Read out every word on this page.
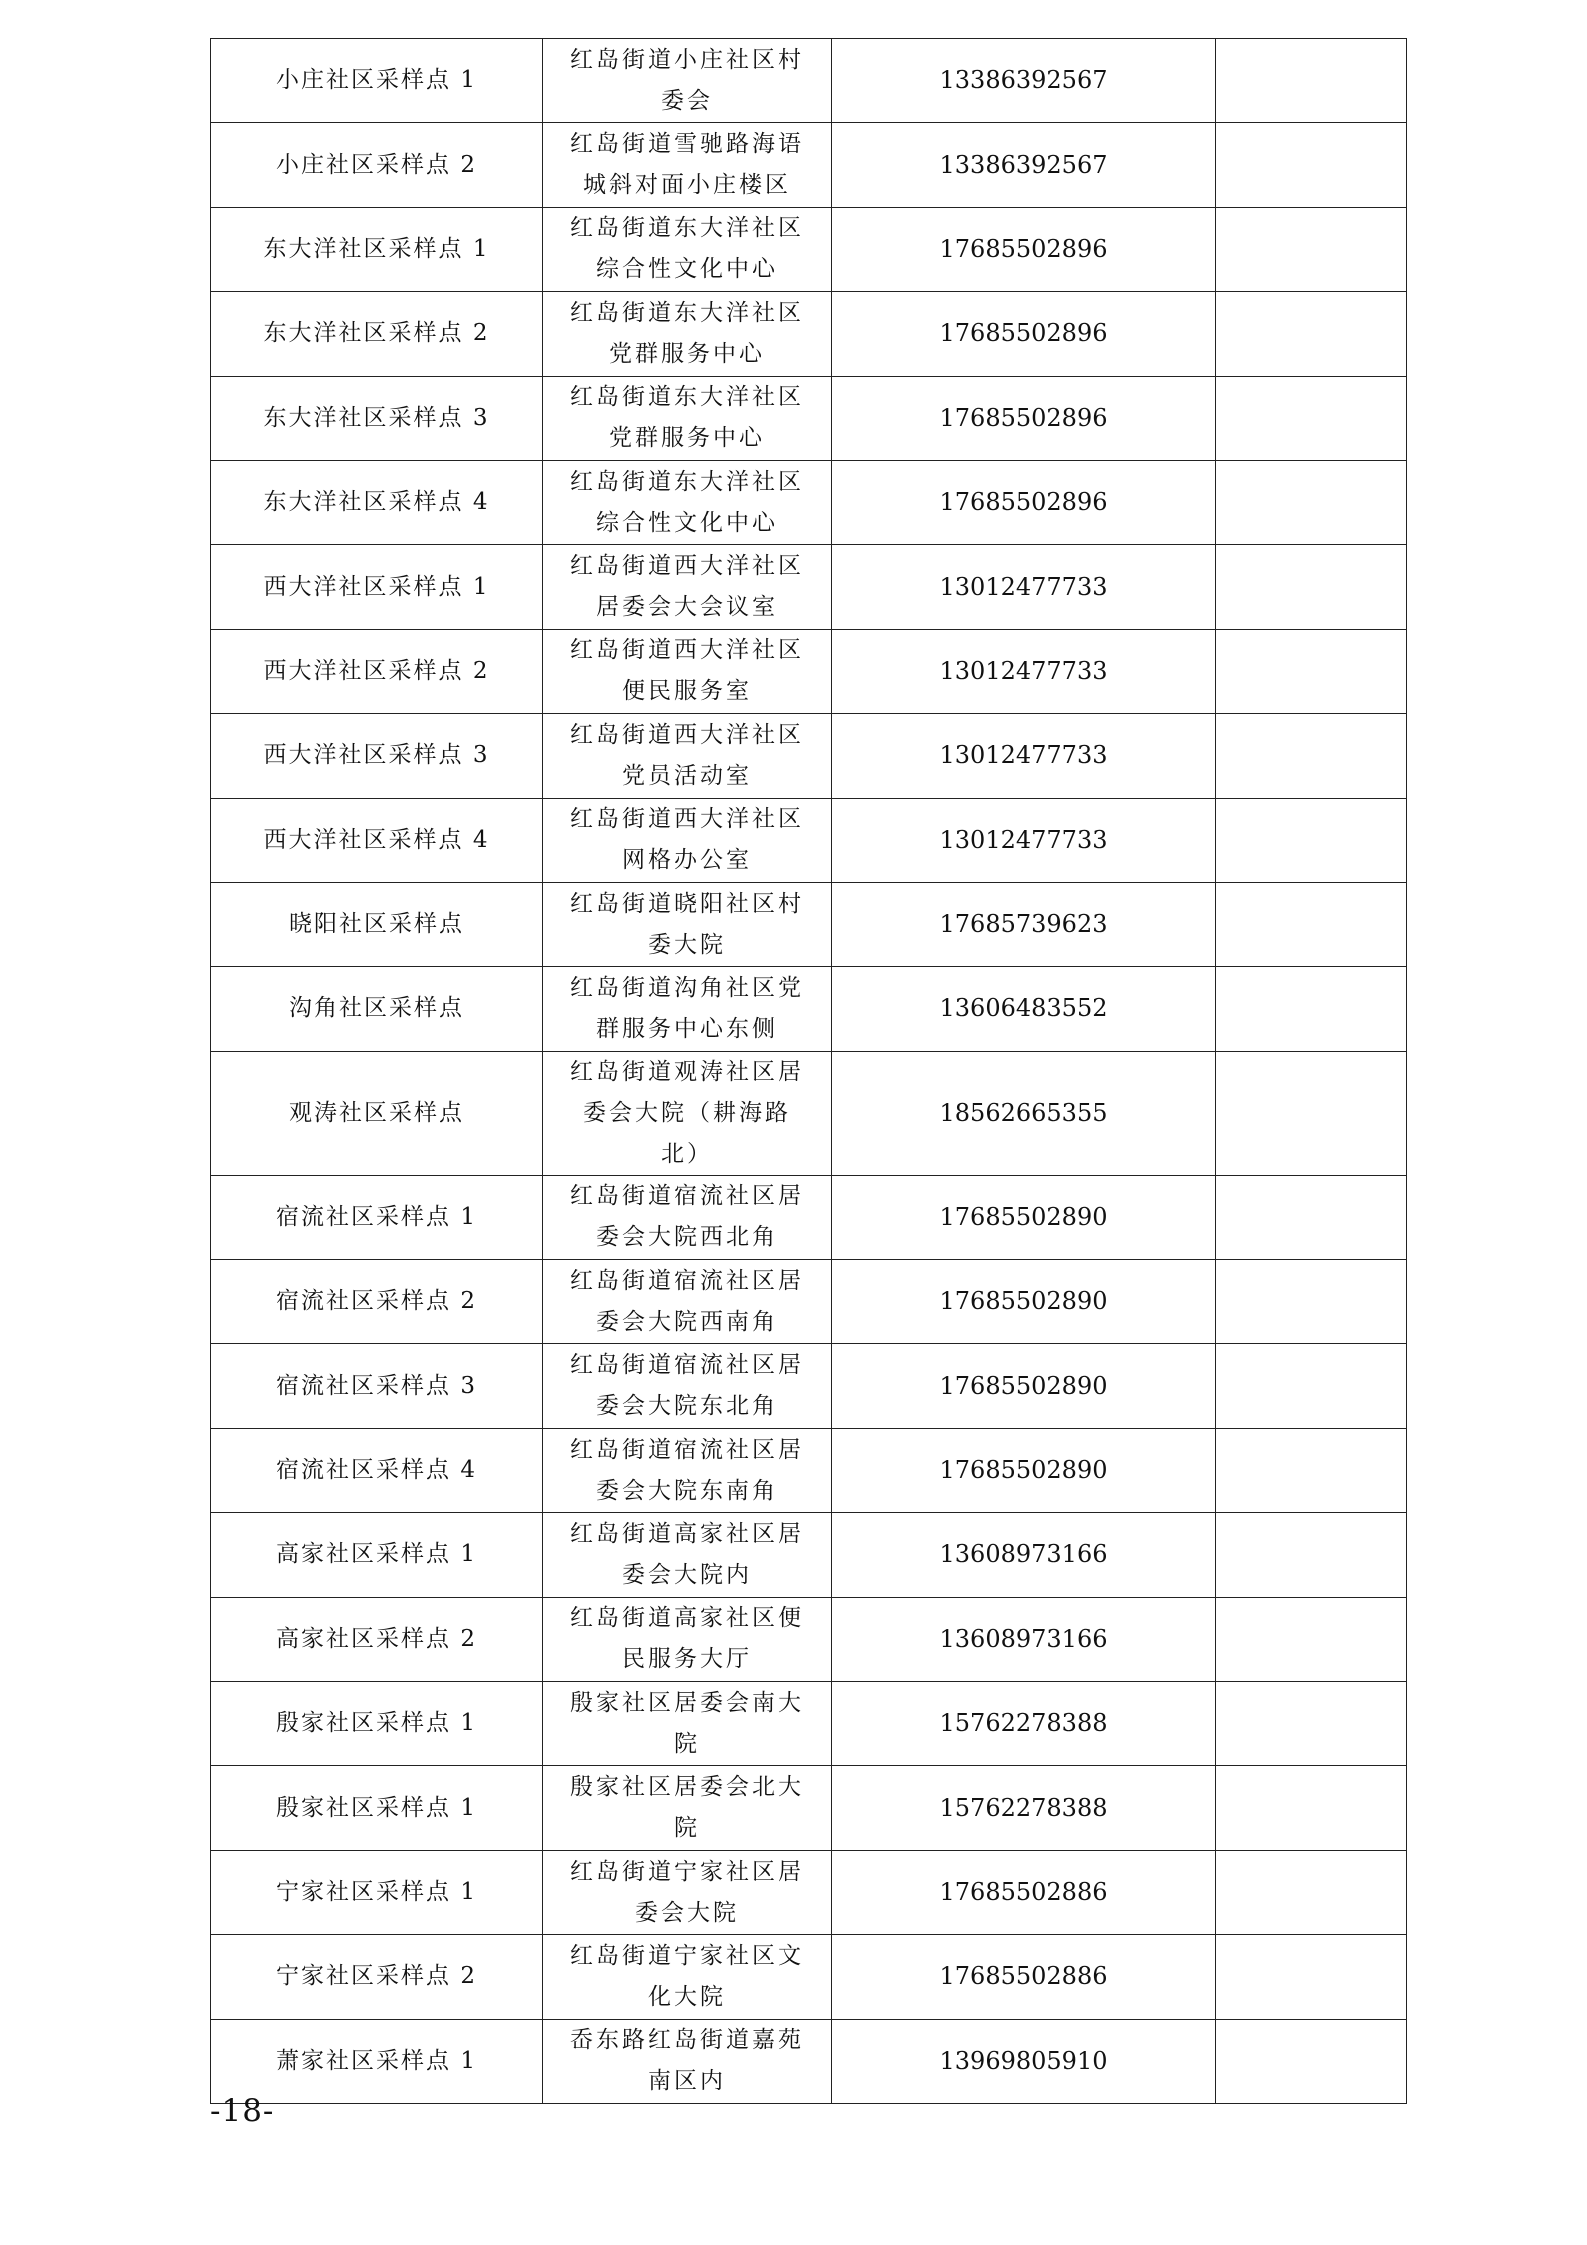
小庄社区采样点 1	红岛街道小庄社区村委会	13386392567	
小庄社区采样点 2	红岛街道雪驰路海语城斜对面小庄楼区	13386392567	
东大洋社区采样点 1	红岛街道东大洋社区综合性文化中心	17685502896	
东大洋社区采样点 2	红岛街道东大洋社区党群服务中心	17685502896	
东大洋社区采样点 3	红岛街道东大洋社区党群服务中心	17685502896	
东大洋社区采样点 4	红岛街道东大洋社区综合性文化中心	17685502896	
西大洋社区采样点 1	红岛街道西大洋社区居委会大会议室	13012477733	
西大洋社区采样点 2	红岛街道西大洋社区便民服务室	13012477733	
西大洋社区采样点 3	红岛街道西大洋社区党员活动室	13012477733	
西大洋社区采样点 4	红岛街道西大洋社区网格办公室	13012477733	
晓阳社区采样点	红岛街道晓阳社区村委大院	17685739623	
沟角社区采样点	红岛街道沟角社区党群服务中心东侧	13606483552	
观涛社区采样点	红岛街道观涛社区居委会大院（耕海路北）	18562665355	
宿流社区采样点 1	红岛街道宿流社区居委会大院西北角	17685502890	
宿流社区采样点 2	红岛街道宿流社区居委会大院西南角	17685502890	
宿流社区采样点 3	红岛街道宿流社区居委会大院东北角	17685502890	
宿流社区采样点 4	红岛街道宿流社区居委会大院东南角	17685502890	
高家社区采样点 1	红岛街道高家社区居委会大院内	13608973166	
高家社区采样点 2	红岛街道高家社区便民服务大厅	13608973166	
殷家社区采样点 1	殷家社区居委会南大院	15762278388	
殷家社区采样点 1	殷家社区居委会北大院	15762278388	
宁家社区采样点 1	红岛街道宁家社区居委会大院	17685502886	
宁家社区采样点 2	红岛街道宁家社区文化大院	17685502886	
萧家社区采样点 1	岙东路红岛街道嘉苑南区内	13969805910	
-18-
